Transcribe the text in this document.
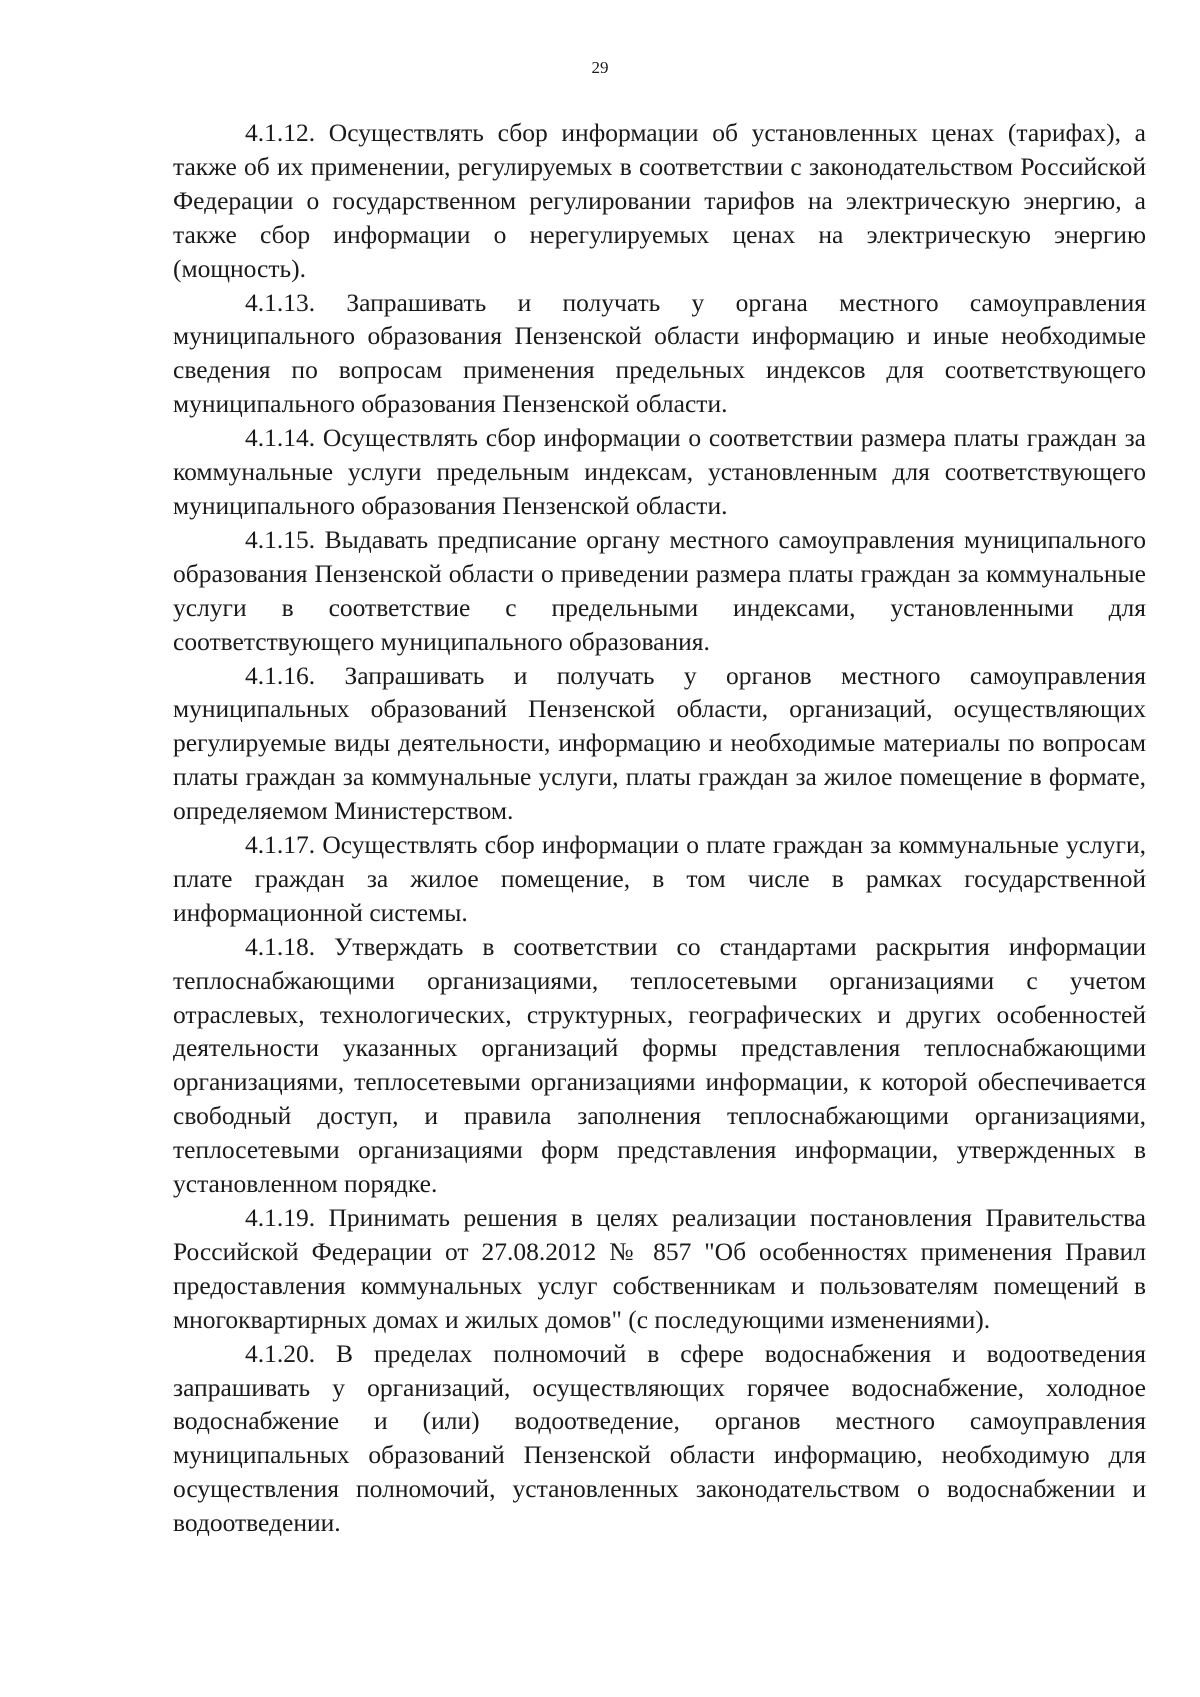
29

4.1.12. Осуществлять сбор информации об установленных ценах (тарифах), а также об их применении, регулируемых в соответствии с законодательством Российской Федерации о государственном регулировании тарифов на электрическую энергию, а также сбор информации о нерегулируемых ценах на электрическую энергию (мощность).

4.1.13. Запрашивать и получать у органа местного самоуправления муниципального образования Пензенской области информацию и иные необходимые сведения по вопросам применения предельных индексов для соответствующего муниципального образования Пензенской области.

4.1.14. Осуществлять сбор информации о соответствии размера платы граждан за коммунальные услуги предельным индексам, установленным для соответствующего муниципального образования Пензенской области.

4.1.15. Выдавать предписание органу местного самоуправления муниципального образования Пензенской области о приведении размера платы граждан за коммунальные услуги в соответствие с предельными индексами, установленными для соответствующего муниципального образования.

4.1.16. Запрашивать и получать у органов местного самоуправления муниципальных образований Пензенской области, организаций, осуществляющих регулируемые виды деятельности, информацию и необходимые материалы по вопросам платы граждан за коммунальные услуги, платы граждан за жилое помещение в формате, определяемом Министерством.

4.1.17. Осуществлять сбор информации о плате граждан за коммунальные услуги, плате граждан за жилое помещение, в том числе в рамках государственной информационной системы.

4.1.18. Утверждать в соответствии со стандартами раскрытия информации теплоснабжающими организациями, теплосетевыми организациями с учетом отраслевых, технологических, структурных, географических и других особенностей деятельности указанных организаций формы представления теплоснабжающими организациями, теплосетевыми организациями информации, к которой обеспечивается свободный доступ, и правила заполнения теплоснабжающими организациями, теплосетевыми организациями форм представления информации, утвержденных в установленном порядке.

4.1.19. Принимать решения в целях реализации постановления Правительства Российской Федерации от 27.08.2012 № 857 "Об особенностях применения Правил предоставления коммунальных услуг собственникам и пользователям помещений в многоквартирных домах и жилых домов" (с последующими изменениями).

4.1.20. В пределах полномочий в сфере водоснабжения и водоотведения запрашивать у организаций, осуществляющих горячее водоснабжение, холодное водоснабжение и (или) водоотведение, органов местного самоуправления муниципальных образований Пензенской области информацию, необходимую для осуществления полномочий, установленных законодательством о водоснабжении и водоотведении.
